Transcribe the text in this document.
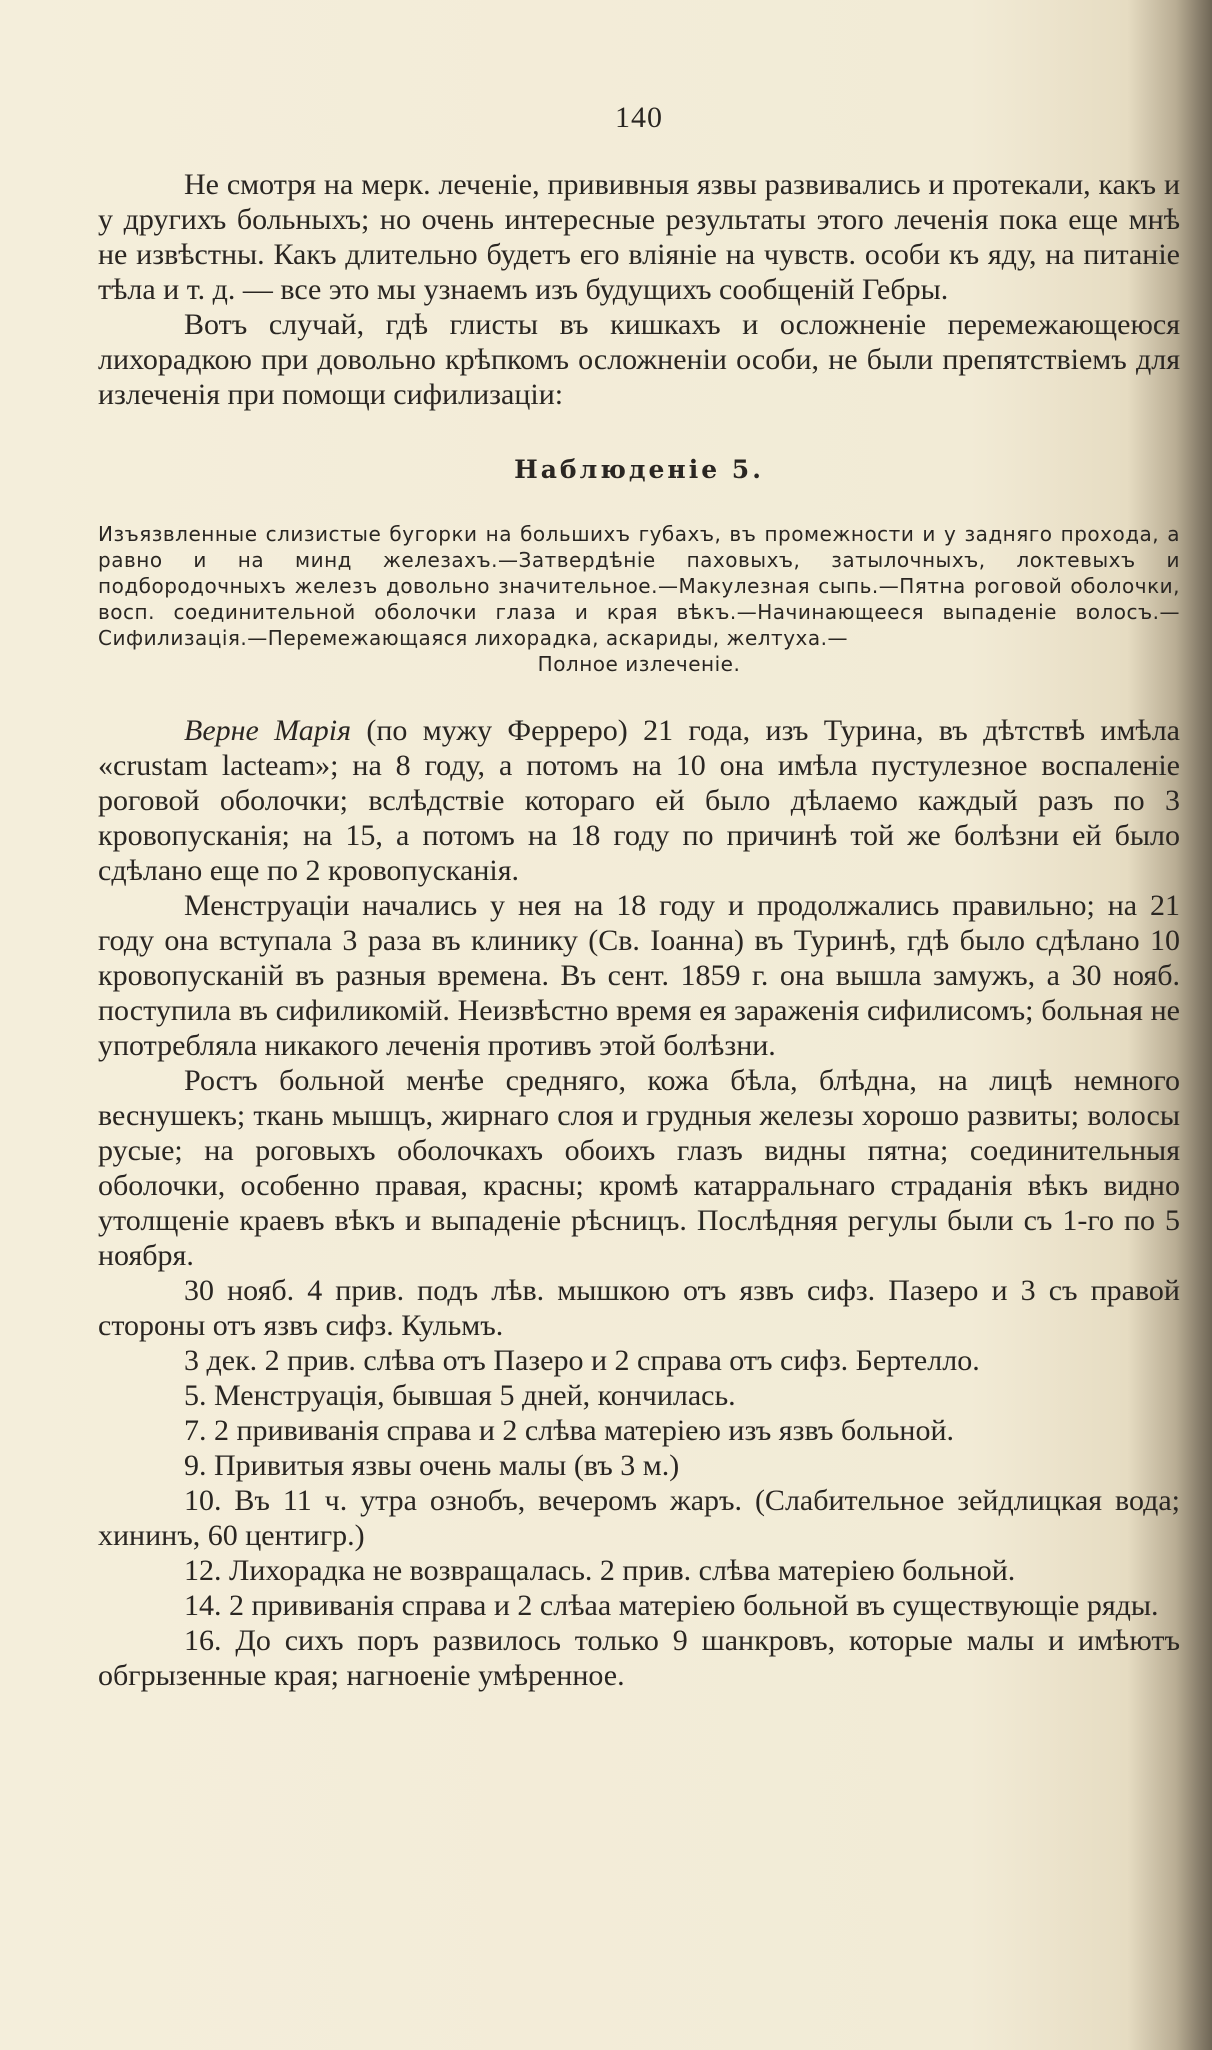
140

Не смотря на мерк. леченіе, прививныя язвы развивались и протекали, какъ и у другихъ больныхъ; но очень интересные результаты этого леченія пока еще мнѣ не извѣстны. Какъ длительно будетъ его вліяніе на чувств. особи къ яду, на питаніе тѣла и т. д. — все это мы узнаемъ изъ будущихъ сообщеній Гебры.

Вотъ случай, гдѣ глисты въ кишкахъ и осложненіе перемежающеюся лихорадкою при довольно крѣпкомъ осложненіи особи, не были препятствіемъ для излеченія при помощи сифилизаціи:

Наблюденіе 5.
Изъязвленные слизистые бугорки на большихъ губахъ, въ промежности и у задняго прохода, а равно и на минд железахъ.—Затвердѣніе паховыхъ, затылочныхъ, локтевыхъ и подбородочныхъ железъ довольно значительное.—Макулезная сыпь.—Пятна роговой оболочки, восп. соединительной оболочки глаза и края вѣкъ.—Начинающееся выпаденіе волосъ.—Сифилизація.—Перемежающаяся лихорадка, аскариды, желтуха.—
Полное излеченіе.

Верне Марія (по мужу Ферреро) 21 года, изъ Турина, въ дѣтствѣ имѣла «crustam lacteam»; на 8 году, а потомъ на 10 она имѣла пустулезное воспаленіе роговой оболочки; вслѣдствіе котораго ей было дѣлаемо каждый разъ по 3 кровопусканія; на 15, а потомъ на 18 году по причинѣ той же болѣзни ей было сдѣлано еще по 2 кровопусканія.

Менструаціи начались у нея на 18 году и продолжались правильно; на 21 году она вступала 3 раза въ клинику (Св. Іоанна) въ Туринѣ, гдѣ было сдѣлано 10 кровопусканій въ разныя времена. Въ сент. 1859 г. она вышла замужъ, а 30 нояб. поступила въ сифиликомій. Неизвѣстно время ея зараженія сифилисомъ; больная не употребляла никакого леченія противъ этой болѣзни.

Ростъ больной менѣе средняго, кожа бѣла, блѣдна, на лицѣ немного веснушекъ; ткань мышцъ, жирнаго слоя и грудныя железы хорошо развиты; волосы русые; на роговыхъ оболочкахъ обоихъ глазъ видны пятна; соединительныя оболочки, особенно правая, красны; кромѣ катарральнаго страданія вѣкъ видно утолщеніе краевъ вѣкъ и выпаденіе рѣсницъ. Послѣдняя регулы были съ 1-го по 5 ноября.

30 нояб. 4 прив. подъ лѣв. мышкою отъ язвъ сифз. Пазеро и 3 съ правой стороны отъ язвъ сифз. Кульмъ.

3 дек. 2 прив. слѣва отъ Пазеро и 2 справа отъ сифз. Бертелло.

5. Менструація, бывшая 5 дней, кончилась.

7. 2 прививанія справа и 2 слѣва матеріею изъ язвъ больной.

9. Привитыя язвы очень малы (въ 3 м.)

10. Въ 11 ч. утра ознобъ, вечеромъ жаръ. (Слабительное зейдлицкая вода; хининъ, 60 центигр.)

12. Лихорадка не возвращалась. 2 прив. слѣва матеріею больной.

14. 2 прививанія справа и 2 слѣаа матеріею больной въ существующіе ряды.

16. До сихъ поръ развилось только 9 шанкровъ, которые малы и имѣютъ обгрызенные края; нагноеніе умѣренное.
